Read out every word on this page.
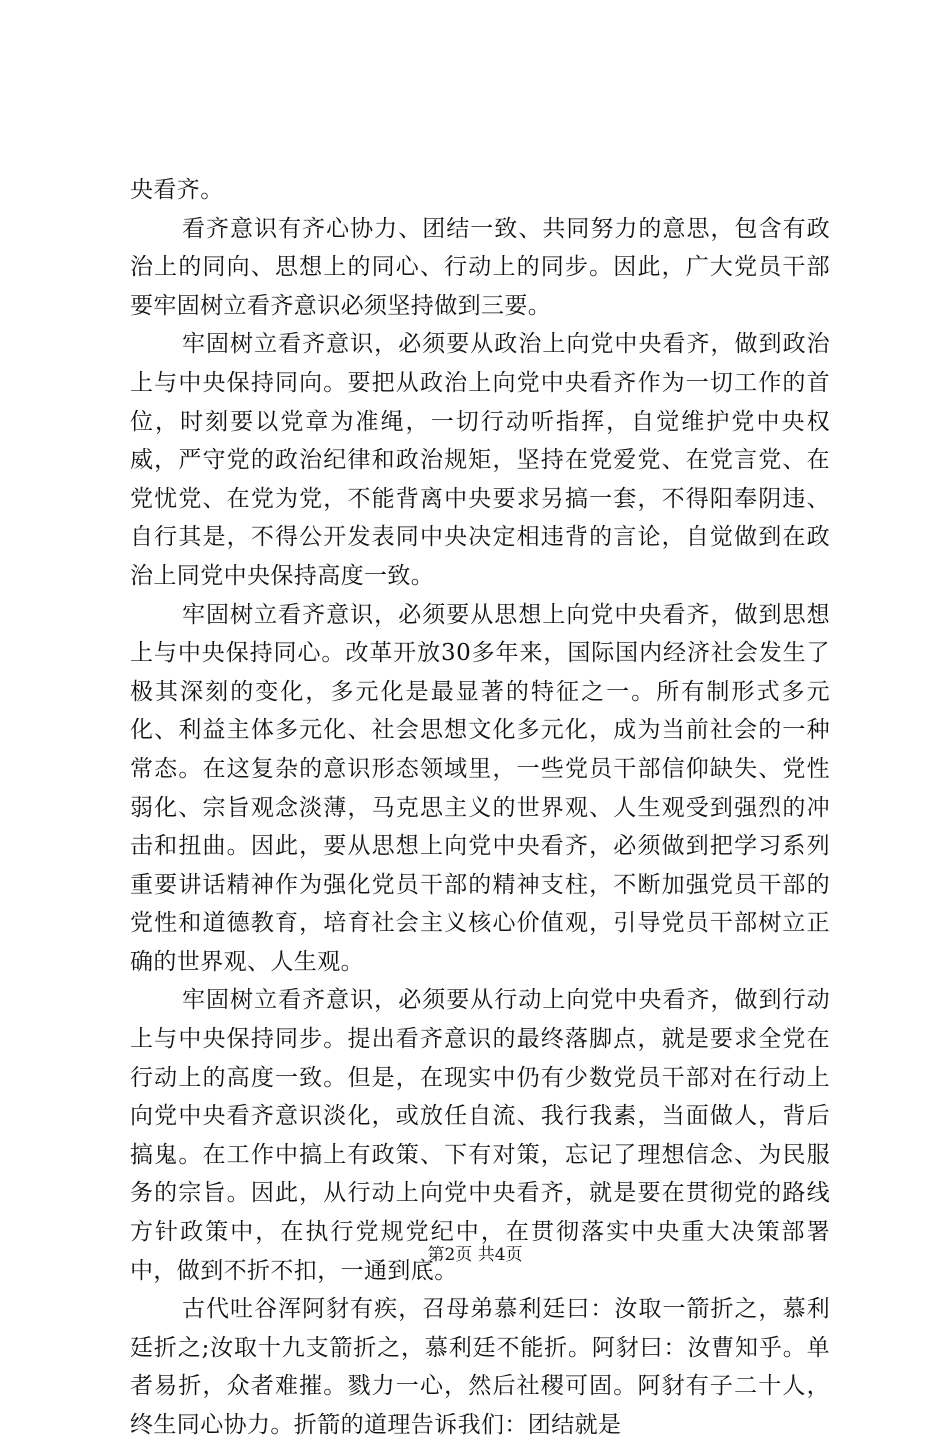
央看齐。

看齐意识有齐心协力、团结一致、共同努力的意思，包含有政治上的同向、思想上的同心、行动上的同步。因此，广大党员干部要牢固树立看齐意识必须坚持做到三要。

牢固树立看齐意识，必须要从政治上向党中央看齐，做到政治上与中央保持同向。要把从政治上向党中央看齐作为一切工作的首位，时刻要以党章为准绳，一切行动听指挥，自觉维护党中央权威，严守党的政治纪律和政治规矩，坚持在党爱党、在党言党、在党忧党、在党为党，不能背离中央要求另搞一套，不得阳奉阴违、自行其是，不得公开发表同中央决定相违背的言论，自觉做到在政治上同党中央保持高度一致。

牢固树立看齐意识，必须要从思想上向党中央看齐，做到思想上与中央保持同心。改革开放30多年来，国际国内经济社会发生了极其深刻的变化，多元化是最显著的特征之一。所有制形式多元化、利益主体多元化、社会思想文化多元化，成为当前社会的一种常态。在这复杂的意识形态领域里，一些党员干部信仰缺失、党性弱化、宗旨观念淡薄，马克思主义的世界观、人生观受到强烈的冲击和扭曲。因此，要从思想上向党中央看齐，必须做到把学习系列重要讲话精神作为强化党员干部的精神支柱，不断加强党员干部的党性和道德教育，培育社会主义核心价值观，引导党员干部树立正确的世界观、人生观。

牢固树立看齐意识，必须要从行动上向党中央看齐，做到行动上与中央保持同步。提出看齐意识的最终落脚点，就是要求全党在行动上的高度一致。但是，在现实中仍有少数党员干部对在行动上向党中央看齐意识淡化，或放任自流、我行我素，当面做人，背后搞鬼。在工作中搞上有政策、下有对策，忘记了理想信念、为民服务的宗旨。因此，从行动上向党中央看齐，就是要在贯彻党的路线方针政策中，在执行党规党纪中，在贯彻落实中央重大决策部署中，做到不折不扣，一通到底。

古代吐谷浑阿豺有疾，召母弟慕利廷曰：汝取一箭折之，慕利廷折之;汝取十九支箭折之，慕利廷不能折。阿豺曰：汝曹知乎。单者易折，众者难摧。戮力一心，然后社稷可固。阿豺有子二十人，终生同心协力。折箭的道理告诉我们：团结就是

第2页 共4页
